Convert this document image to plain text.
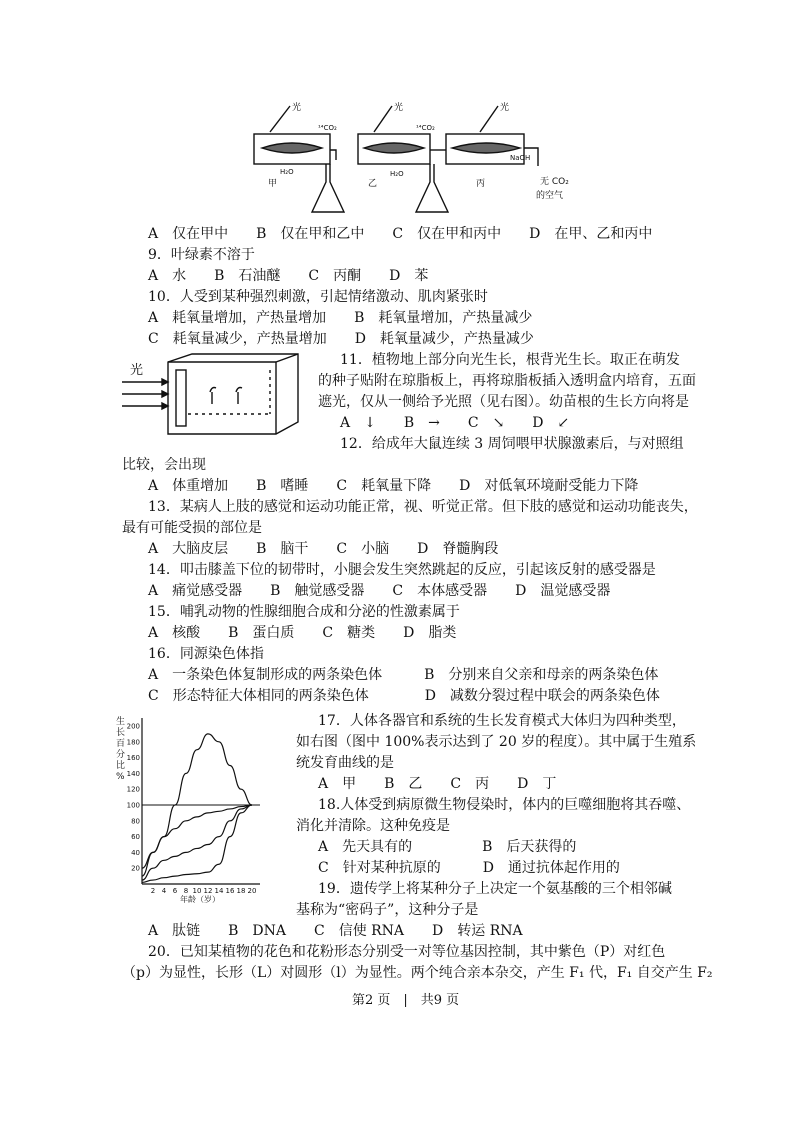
光	光	光
¹⁴CO₂	¹⁴CO₂
H₂O	H₂O
NaOH
甲	乙	丙	无 CO₂
的空气
A　仅在甲中　　B　仅在甲和乙中　　C　仅在甲和丙中　　D　在甲、乙和丙中
9．叶绿素不溶于
A　水　　B　石油醚　　C　丙酮　　D　苯
10．人受到某种强烈刺激，引起情绪激动、肌肉紧张时
A　耗氧量增加，产热量增加　　B　耗氧量增加，产热量减少
C　耗氧量减少，产热量增加　　D　耗氧量减少，产热量减少
光
11．植物地上部分向光生长，根背光生长。取正在萌发
的种子贴附在琼脂板上，再将琼脂板插入透明盒内培育，五面
遮光，仅从一侧给予光照（见右图）。幼苗根的生长方向将是
A　↓　　B　→　　C　↘　　D　↙
12．给成年大鼠连续 3 周饲喂甲状腺激素后，与对照组
比较，会出现
A　体重增加　　B　嗜睡　　C　耗氧量下降　　D　对低氧环境耐受能力下降
13．某病人上肢的感觉和运动功能正常，视、听觉正常。但下肢的感觉和运动功能丧失，
最有可能受损的部位是
A　大脑皮层　　B　脑干　　C　小脑　　D　脊髓胸段
14．叩击膝盖下位的韧带时，小腿会发生突然跳起的反应，引起该反射的感受器是
A　痛觉感受器　　B　触觉感受器　　C　本体感受器　　D　温觉感受器
15．哺乳动物的性腺细胞合成和分泌的性激素属于
A　核酸　　B　蛋白质　　C　糖类　　D　脂类
16．同源染色体指
A　一条染色体复制形成的两条染色体　　　B　分别来自父亲和母亲的两条染色体
C　形态特征大体相同的两条染色体　　　　D　减数分裂过程中联会的两条染色体
生
长
百
分
比
%
20
40
60
80
100
120
140
160
180
200
2 4 6 8 10 12 14 16 18 20
年龄（岁）
17．人体各器官和系统的生长发育模式大体归为四种类型，
如右图（图中 100%表示达到了 20 岁的程度）。其中属于生殖系
统发育曲线的是
A　甲　　B　乙　　C　丙　　D　丁
18.人体受到病原微生物侵染时，体内的巨噬细胞将其吞噬、
消化并清除。这种免疫是
A　先天具有的　　　　　B　后天获得的
C　针对某种抗原的　　　D　通过抗体起作用的
19．遗传学上将某种分子上决定一个氨基酸的三个相邻碱
基称为“密码子”，这种分子是
A　肽链　　B　DNA　　C　信使 RNA　　D　转运 RNA
20．已知某植物的花色和花粉形态分别受一对等位基因控制，其中紫色（P）对红色
（p）为显性，长形（L）对圆形（l）为显性。两个纯合亲本杂交，产生 F₁ 代，F₁ 自交产生 F₂
第2 页　|　共9 页
